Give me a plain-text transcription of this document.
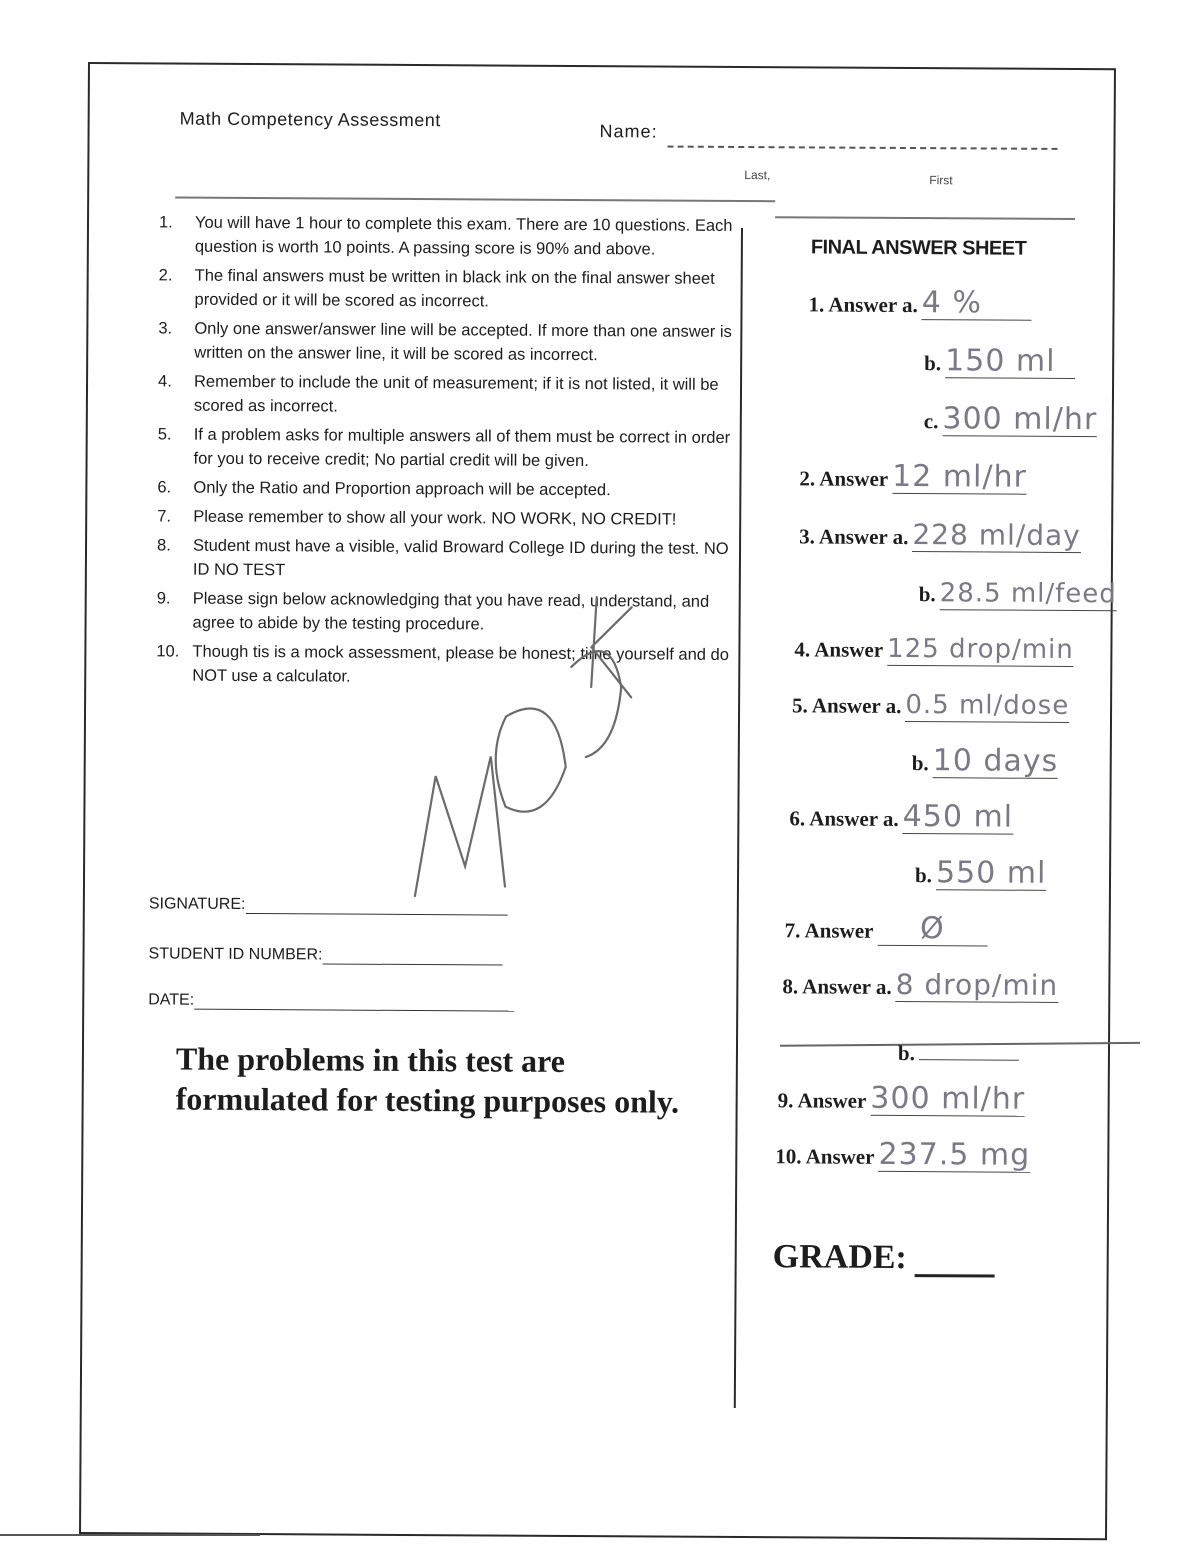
Math Competency Assessment
Name:
Last,	First
1. You will have 1 hour to complete this exam. There are 10 questions. Each question is worth 10 points. A passing score is 90% and above.
2. The final answers must be written in black ink on the final answer sheet provided or it will be scored as incorrect.
3. Only one answer/answer line will be accepted. If more than one answer is written on the answer line, it will be scored as incorrect.
4. Remember to include the unit of measurement; if it is not listed, it will be scored as incorrect.
5. If a problem asks for multiple answers all of them must be correct in order for you to receive credit; No partial credit will be given.
6. Only the Ratio and Proportion approach will be accepted.
7. Please remember to show all your work. NO WORK, NO CREDIT!
8. Student must have a visible, valid Broward College ID during the test. NO ID NO TEST
9. Please sign below acknowledging that you have read, understand, and agree to abide by the testing procedure.
10. Though tis is a mock assessment, please be honest; time yourself and do NOT use a calculator.
SIGNATURE:
STUDENT ID NUMBER:
DATE:
The problems in this test are formulated for testing purposes only.
FINAL ANSWER SHEET
1. Answer a. 4 %
b. 150 ml
c. 300 ml/hr
2. Answer 12 ml/hr
3. Answer a. 228 ml/day
b. 28.5 ml/feed
4. Answer 125 drop/min
5. Answer a. 0.5 ml/dose
b. 10 days
6. Answer a. 450 ml
b. 550 ml
7. Answer Ø
8. Answer a. 8 drop/min
b.
9. Answer 300 ml/hr
10. Answer 237.5 mg
GRADE:
